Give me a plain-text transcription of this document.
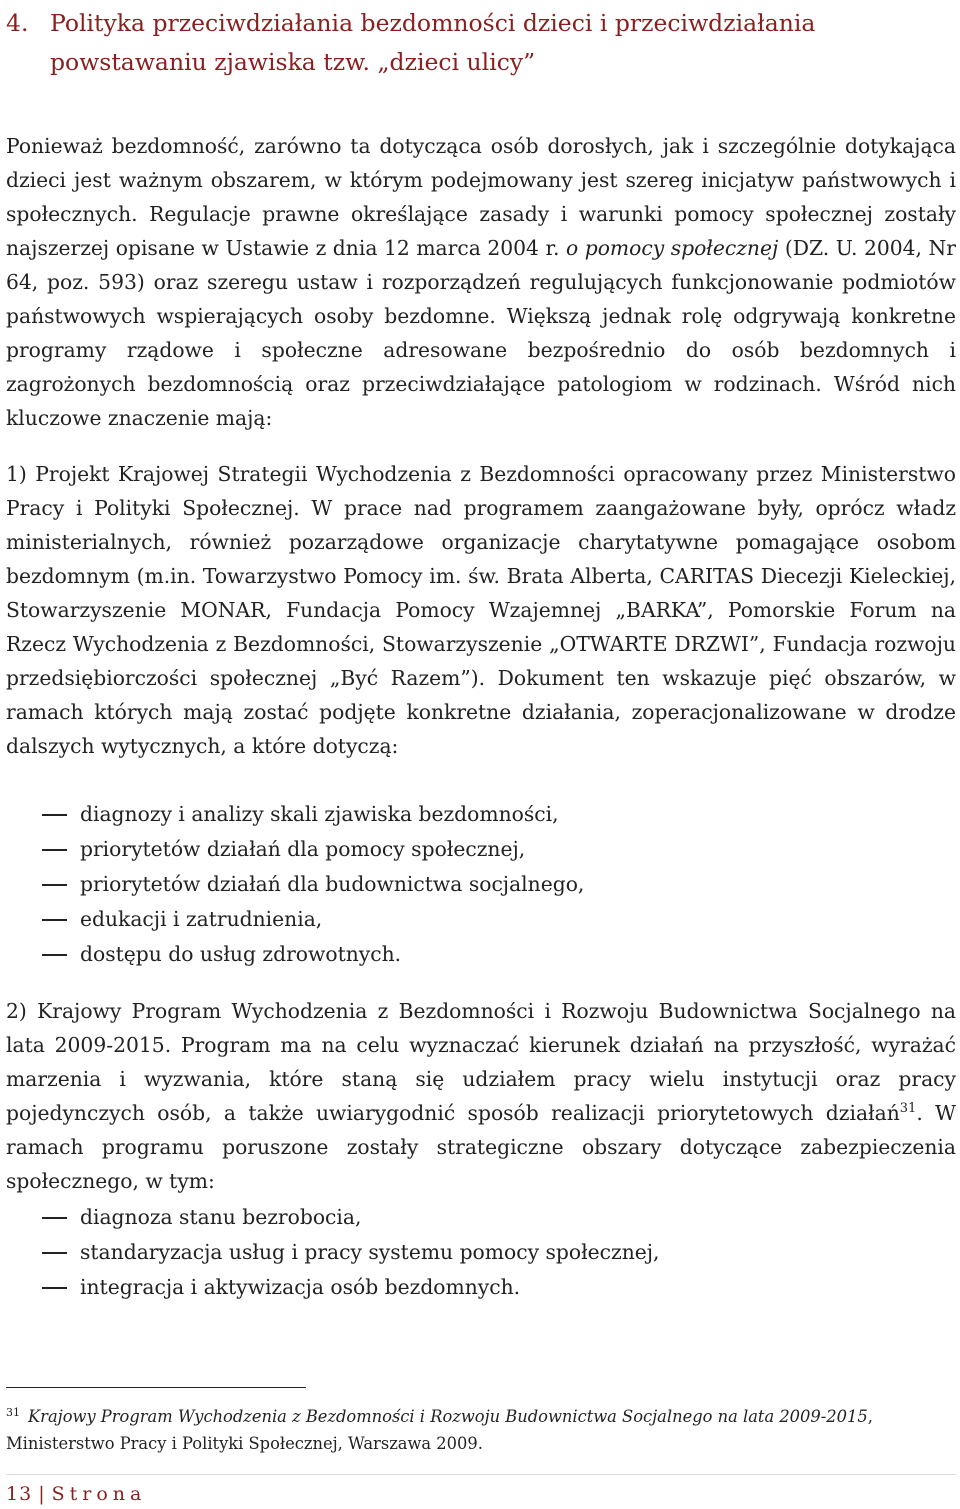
4. Polityka przeciwdziałania bezdomności dzieci i przeciwdziałania
powstawaniu zjawiska tzw. „dzieci ulicy”

Ponieważ bezdomność, zarówno ta dotycząca osób dorosłych, jak i szczególnie dotykająca dzieci jest ważnym obszarem, w którym podejmowany jest szereg inicjatyw państwowych i społecznych. Regulacje prawne określające zasady i warunki pomocy społecznej zostały najszerzej opisane w Ustawie z dnia 12 marca 2004 r. o pomocy społecznej (DZ. U. 2004, Nr 64, poz. 593) oraz szeregu ustaw i rozporządzeń regulujących funkcjonowanie podmiotów państwowych wspierających osoby bezdomne. Większą jednak rolę odgrywają konkretne programy rządowe i społeczne adresowane bezpośrednio do osób bezdomnych i zagrożonych bezdomnością oraz przeciwdziałające patologiom w rodzinach. Wśród nich kluczowe znaczenie mają:

1) Projekt Krajowej Strategii Wychodzenia z Bezdomności opracowany przez Ministerstwo Pracy i Polityki Społecznej. W prace nad programem zaangażowane były, oprócz władz ministerialnych, również pozarządowe organizacje charytatywne pomagające osobom bezdomnym (m.in. Towarzystwo Pomocy im. św. Brata Alberta, CARITAS Diecezji Kieleckiej, Stowarzyszenie MONAR, Fundacja Pomocy Wzajemnej „BARKA”, Pomorskie Forum na Rzecz Wychodzenia z Bezdomności, Stowarzyszenie „OTWARTE DRZWI”, Fundacja rozwoju przedsiębiorczości społecznej „Być Razem”). Dokument ten wskazuje pięć obszarów, w ramach których mają zostać podjęte konkretne działania, zoperacjonalizowane w drodze dalszych wytycznych, a które dotyczą:

diagnozy i analizy skali zjawiska bezdomności,
priorytetów działań dla pomocy społecznej,
priorytetów działań dla budownictwa socjalnego,
edukacji i zatrudnienia,
dostępu do usług zdrowotnych.

2) Krajowy Program Wychodzenia z Bezdomności i Rozwoju Budownictwa Socjalnego na lata 2009-2015. Program ma na celu wyznaczać kierunek działań na przyszłość, wyrażać marzenia i wyzwania, które staną się udziałem pracy wielu instytucji oraz pracy pojedynczych osób, a także uwiarygodnić sposób realizacji priorytetowych działań$^{31}$. W ramach programu poruszone zostały strategiczne obszary dotyczące zabezpieczenia społecznego, w tym:

diagnoza stanu bezrobocia,
standaryzacja usług i pracy systemu pomocy społecznej,
integracja i aktywizacja osób bezdomnych.

$^{31}$ Krajowy Program Wychodzenia z Bezdomności i Rozwoju Budownictwa Socjalnego na lata 2009-2015, Ministerstwo Pracy i Polityki Społecznej, Warszawa 2009.

13 | Strona
